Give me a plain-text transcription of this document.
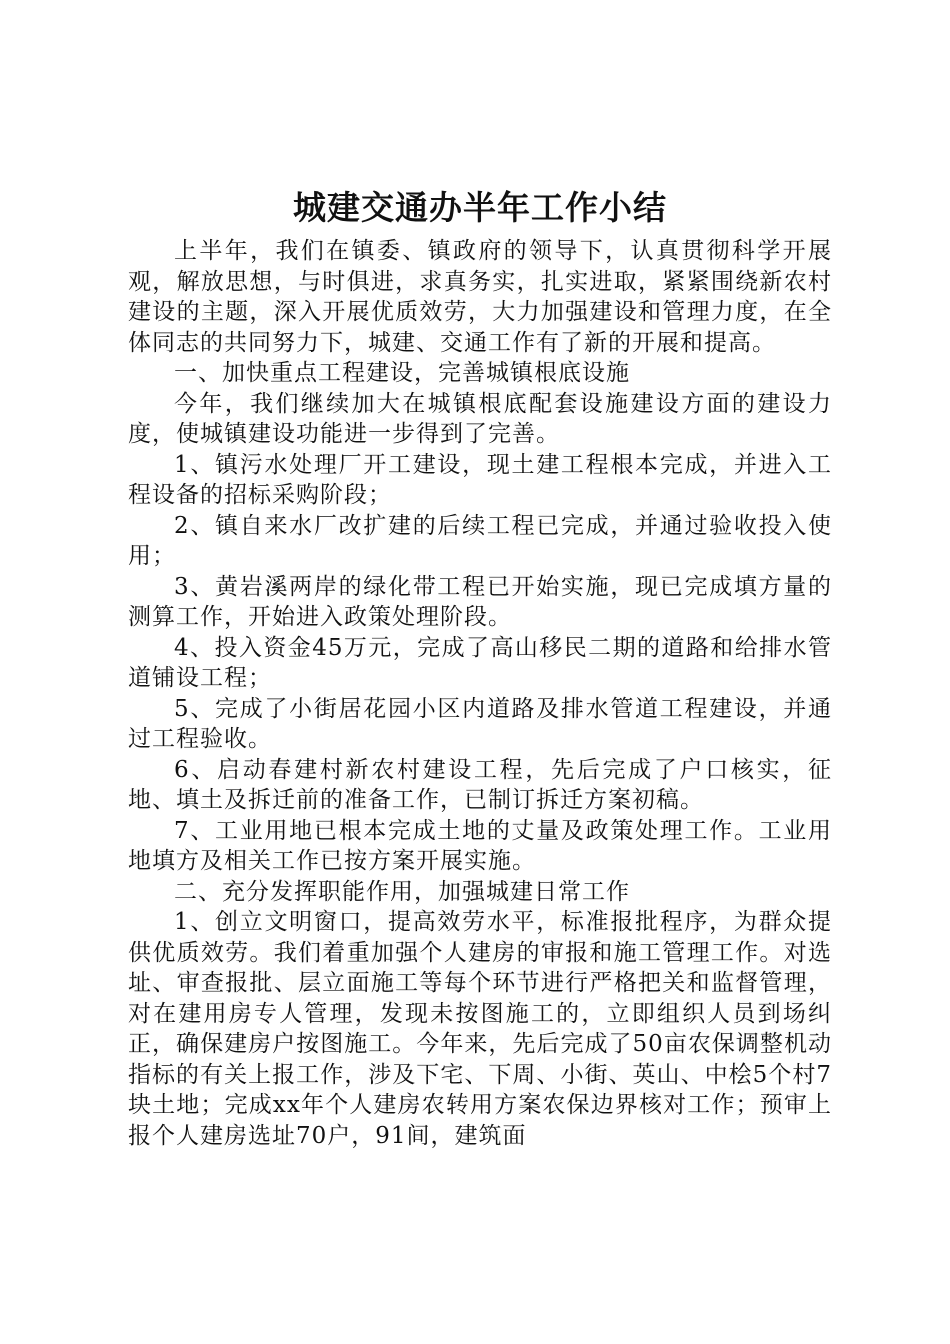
城建交通办半年工作小结

上半年，我们在镇委、镇政府的领导下，认真贯彻科学开展观，解放思想，与时俱进，求真务实，扎实进取，紧紧围绕新农村建设的主题，深入开展优质效劳，大力加强建设和管理力度，在全体同志的共同努力下，城建、交通工作有了新的开展和提高。

一、加快重点工程建设，完善城镇根底设施

今年，我们继续加大在城镇根底配套设施建设方面的建设力度，使城镇建设功能进一步得到了完善。

1、镇污水处理厂开工建设，现土建工程根本完成，并进入工程设备的招标采购阶段；

2、镇自来水厂改扩建的后续工程已完成，并通过验收投入使用；

3、黄岩溪两岸的绿化带工程已开始实施，现已完成填方量的测算工作，开始进入政策处理阶段。

4、投入资金45万元，完成了高山移民二期的道路和给排水管道铺设工程；

5、完成了小街居花园小区内道路及排水管道工程建设，并通过工程验收。

6、启动春建村新农村建设工程，先后完成了户口核实，征地、填土及拆迁前的准备工作，已制订拆迁方案初稿。

7、工业用地已根本完成土地的丈量及政策处理工作。工业用地填方及相关工作已按方案开展实施。

二、充分发挥职能作用，加强城建日常工作

1、创立文明窗口，提高效劳水平，标准报批程序，为群众提供优质效劳。我们着重加强个人建房的审报和施工管理工作。对选址、审查报批、层立面施工等每个环节进行严格把关和监督管理，对在建用房专人管理，发现未按图施工的，立即组织人员到场纠正，确保建房户按图施工。今年来，先后完成了50亩农保调整机动指标的有关上报工作，涉及下宅、下周、小街、英山、中桧5个村7块土地；完成xx年个人建房农转用方案农保边界核对工作；预审上报个人建房选址70户，91间，建筑面
